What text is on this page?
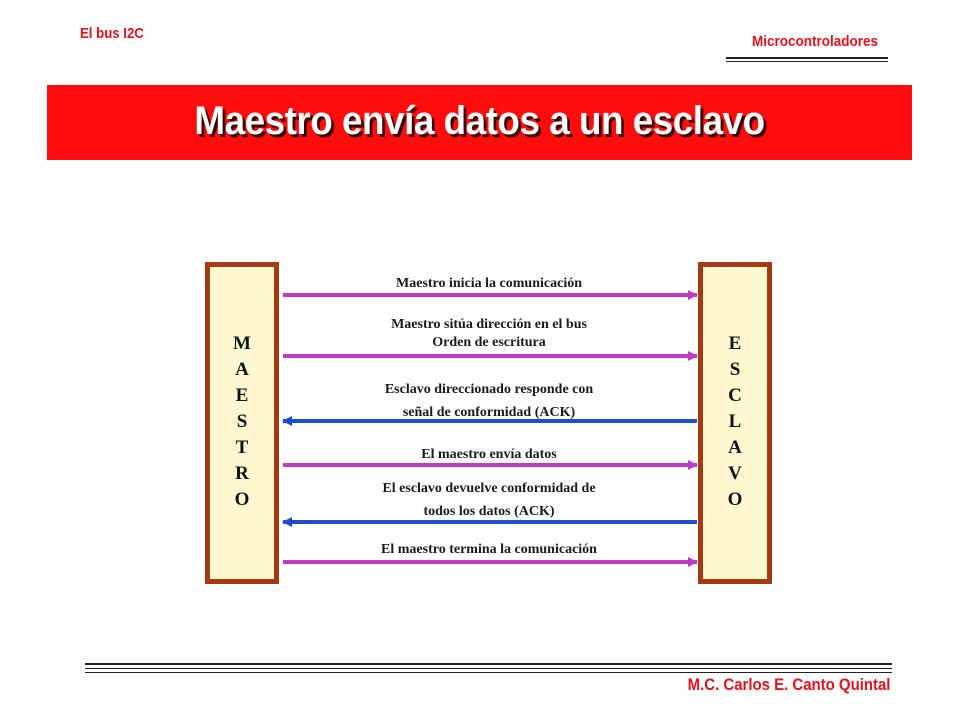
El bus I2C	Microcontroladores
Maestro envía datos a un esclavo
M
A
E
S
T
R
O
E
S
C
L
A
V
O
Maestro inicia la comunicación
Maestro sitúa dirección en el bus
Orden de escritura
Esclavo direccionado responde con
señal de conformidad (ACK)
El maestro envía datos
El esclavo devuelve conformidad de
todos los datos (ACK)
El maestro termina la comunicación
M.C. Carlos E. Canto Quintal
